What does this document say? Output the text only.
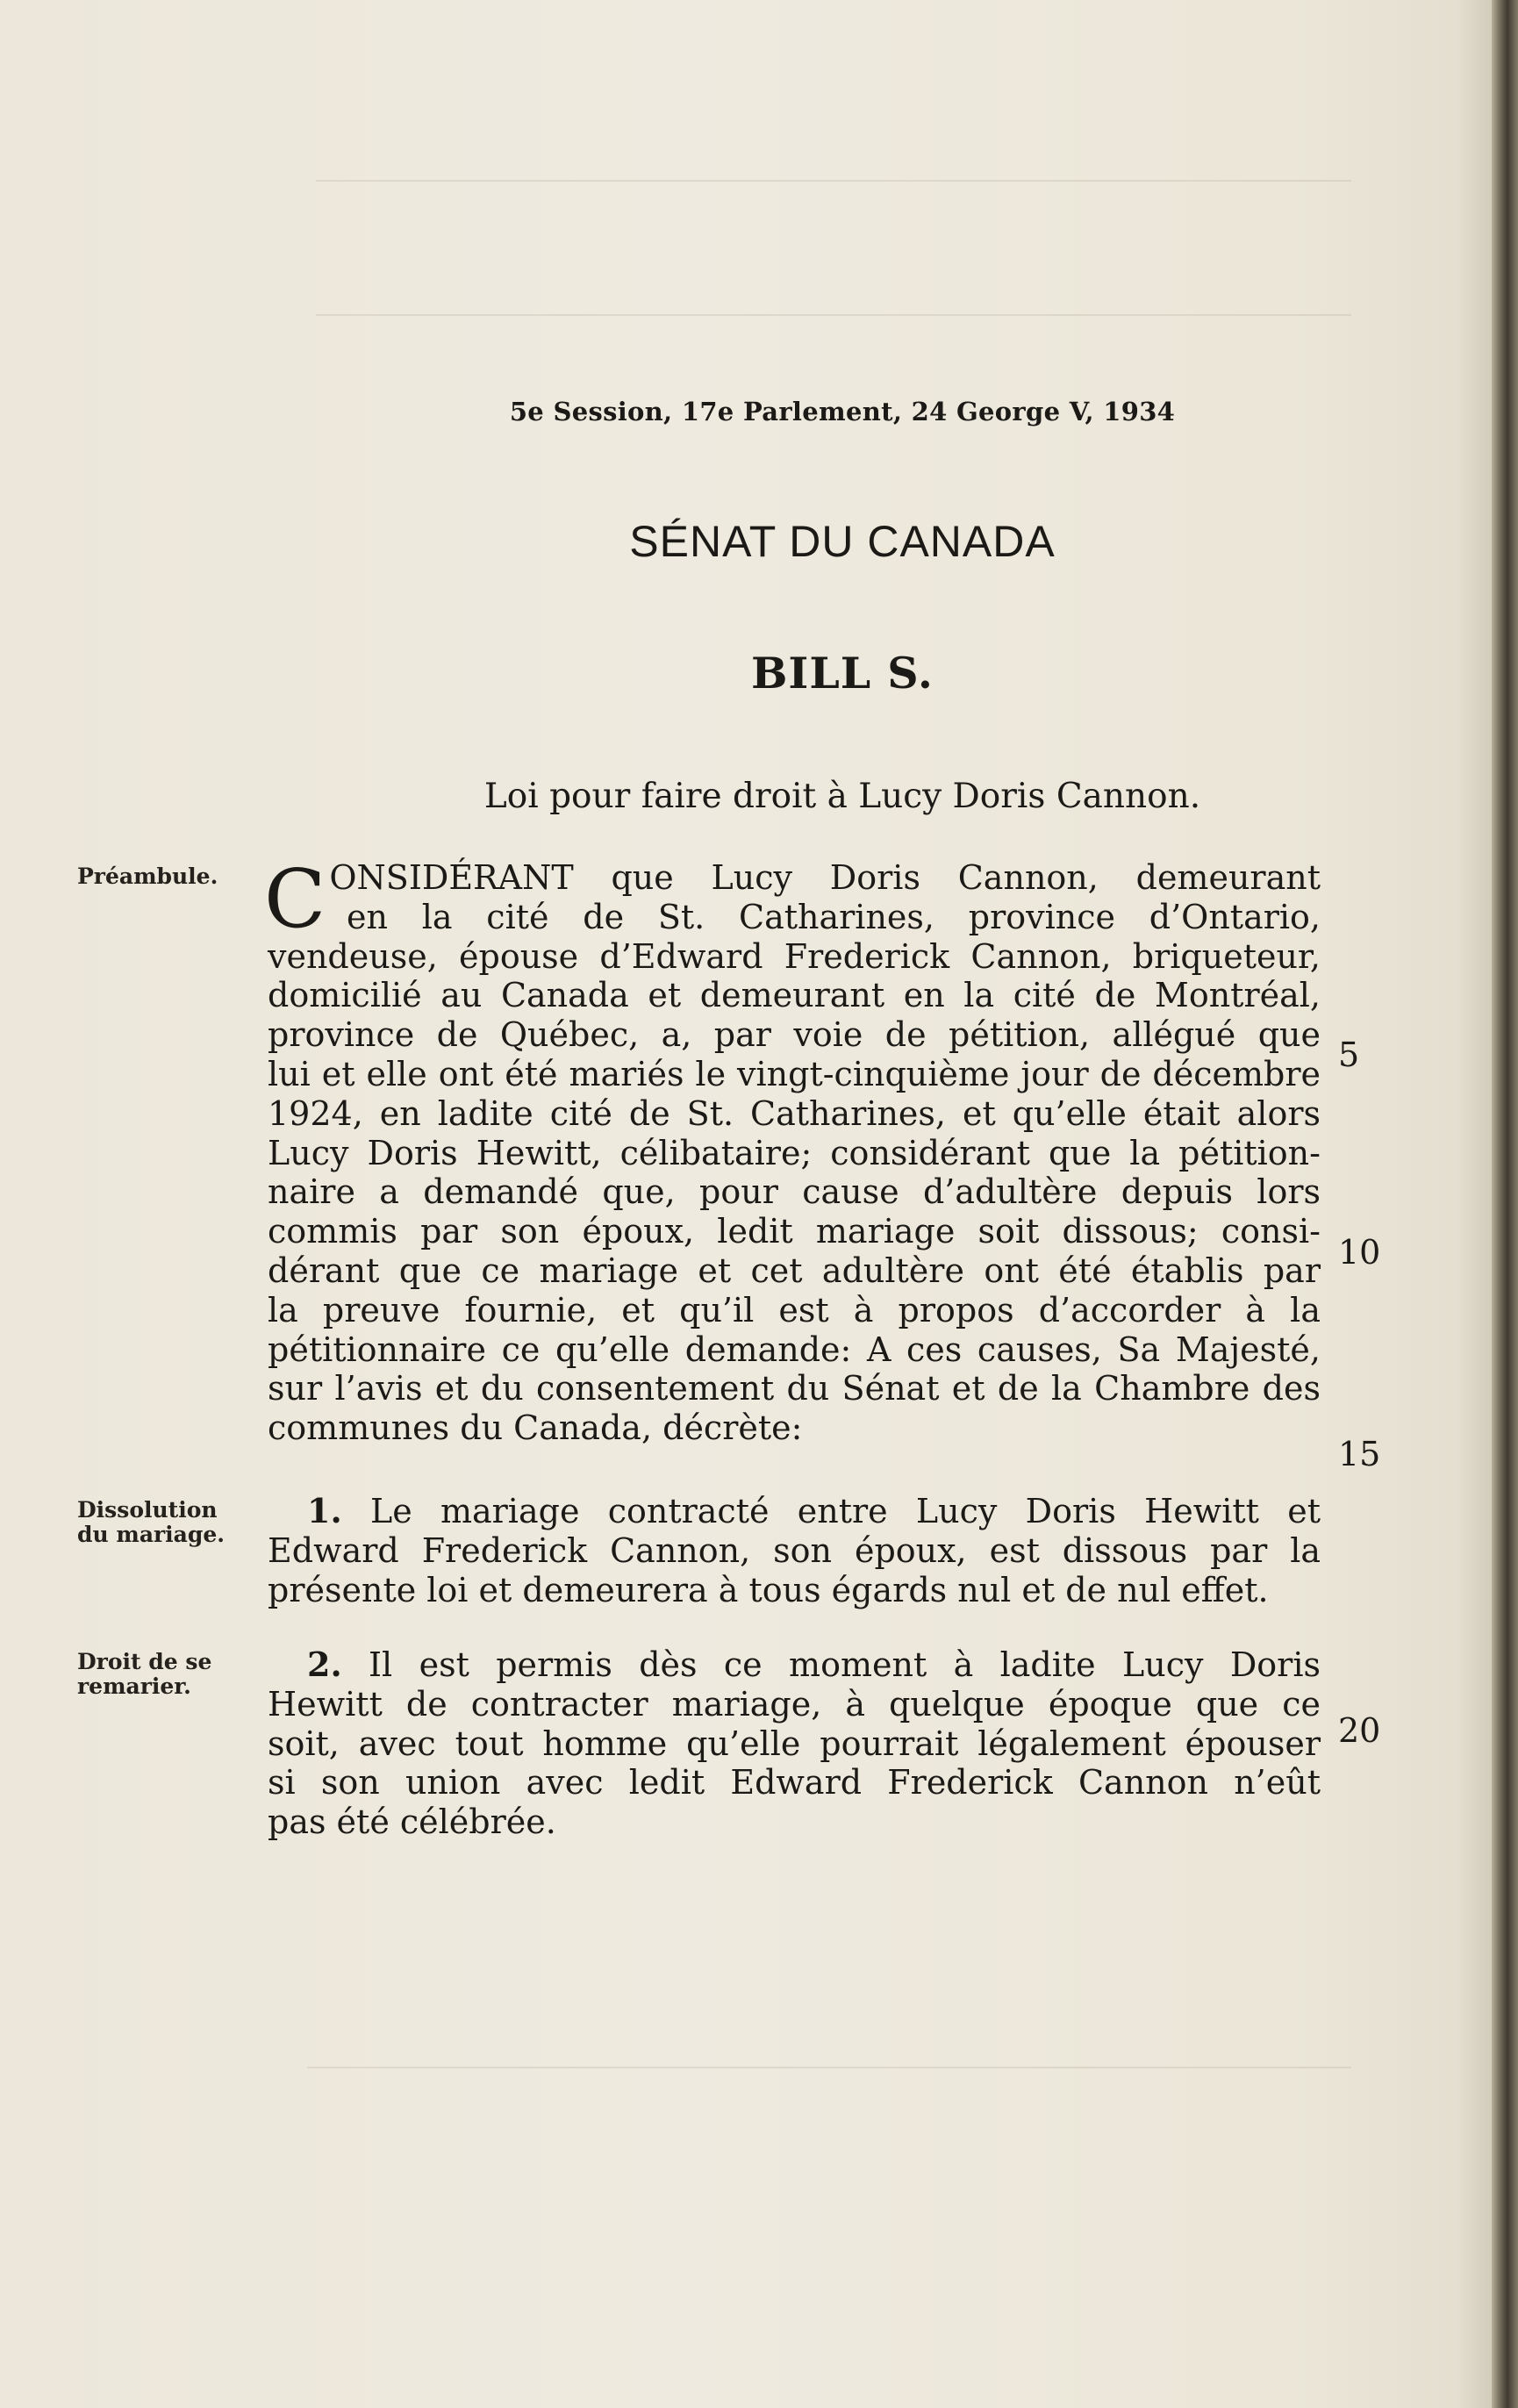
5e Session, 17e Parlement, 24 George V, 1934
SÉNAT DU CANADA
BILL S.
Loi pour faire droit à Lucy Doris Cannon.
Préambule. C ONSIDÉRANT que Lucy Doris Cannon, demeurant
en la cité de St. Catharines, province d’Ontario,
vendeuse, épouse d’Edward Frederick Cannon, briqueteur,
domicilié au Canada et demeurant en la cité de Montréal,
province de Québec, a, par voie de pétition, allégué que
lui et elle ont été mariés le vingt-cinquième jour de décembre
1924, en ladite cité de St. Catharines, et qu’elle était alors
Lucy Doris Hewitt, célibataire; considérant que la pétition-
naire a demandé que, pour cause d’adultère depuis lors
commis par son époux, ledit mariage soit dissous; consi-
dérant que ce mariage et cet adultère ont été établis par
la preuve fournie, et qu’il est à propos d’accorder à la
pétitionnaire ce qu’elle demande: A ces causes, Sa Majesté,
sur l’avis et du consentement du Sénat et de la Chambre des
communes du Canada, décrète:
Dissolution
du mariage.
1. Le mariage contracté entre Lucy Doris Hewitt et
Edward Frederick Cannon, son époux, est dissous par la
présente loi et demeurera à tous égards nul et de nul effet.
Droit de se
remarier.
2. Il est permis dès ce moment à ladite Lucy Doris
Hewitt de contracter mariage, à quelque époque que ce
soit, avec tout homme qu’elle pourrait légalement épouser
si son union avec ledit Edward Frederick Cannon n’eût
pas été célébrée.
5
10
15
20
